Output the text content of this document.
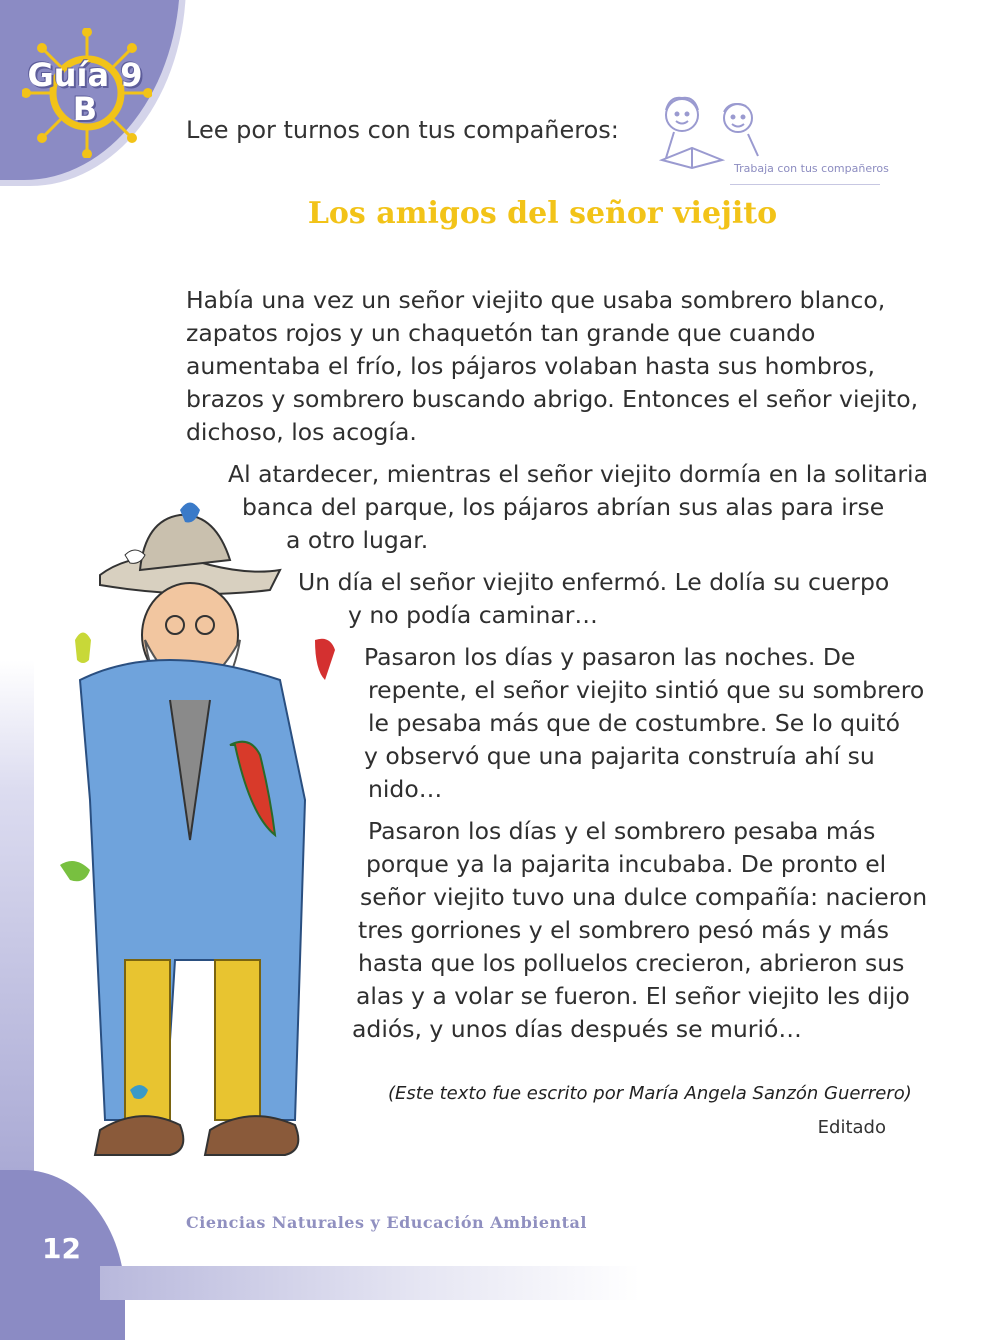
Guía 9
B
Lee por turnos con tus compañeros:
Trabaja con tus compañeros
Los amigos del señor viejito

Había una vez un señor viejito que usaba sombrero blanco,

zapatos rojos y un chaquetón tan grande que cuando

aumentaba el frío, los pájaros volaban hasta sus hombros,

brazos y sombrero buscando abrigo. Entonces el señor viejito,

dichoso, los acogía.

Al atardecer, mientras el señor viejito dormía en la solitaria

banca del parque, los pájaros abrían sus alas para irse

a otro lugar.

Un día el señor viejito enfermó. Le dolía su cuerpo

y no podía caminar…

Pasaron los días y pasaron las noches. De

repente, el señor viejito sintió que su sombrero

le pesaba más que de costumbre. Se lo quitó

y observó que una pajarita construía ahí su

nido…

Pasaron los días y el sombrero pesaba más

porque ya la pajarita incubaba. De pronto el

señor viejito tuvo una dulce compañía: nacieron

tres gorriones y el sombrero pesó más y más

hasta que los polluelos crecieron, abrieron sus

alas y a volar se fueron. El señor viejito les dijo

adiós, y unos días después se murió…

(Este texto fue escrito por María Angela Sanzón Guerrero)
Editado
Ciencias Naturales y Educación Ambiental
12
